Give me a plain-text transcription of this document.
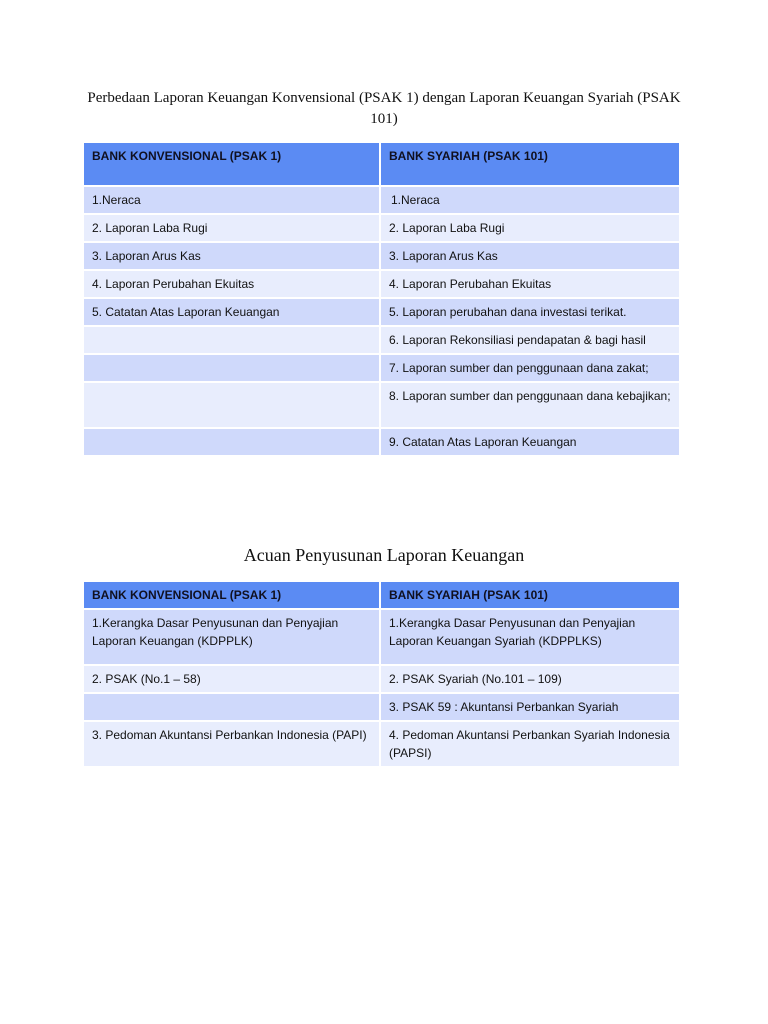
Perbedaan Laporan Keuangan Konvensional (PSAK 1) dengan Laporan Keuangan Syariah (PSAK 101)
BANK KONVENSIONAL (PSAK 1)	BANK SYARIAH (PSAK 101)
1.Neraca	1.Neraca
2. Laporan Laba Rugi	2. Laporan Laba Rugi
3. Laporan Arus Kas	3. Laporan Arus Kas
4. Laporan Perubahan Ekuitas	4. Laporan Perubahan Ekuitas
5. Catatan Atas Laporan Keuangan	5. Laporan perubahan dana investasi terikat.
	6. Laporan Rekonsiliasi pendapatan & bagi hasil
	7. Laporan sumber dan penggunaan dana zakat;
	8. Laporan sumber dan penggunaan dana kebajikan;
	9. Catatan Atas Laporan Keuangan
Acuan Penyusunan Laporan Keuangan
BANK KONVENSIONAL (PSAK 1)	BANK SYARIAH (PSAK 101)
1.Kerangka Dasar Penyusunan dan Penyajian Laporan Keuangan (KDPPLK)	1.Kerangka Dasar Penyusunan dan Penyajian Laporan Keuangan Syariah (KDPPLKS)
2. PSAK (No.1 – 58)	2. PSAK Syariah (No.101 – 109)
	3. PSAK 59 : Akuntansi Perbankan Syariah
3. Pedoman Akuntansi Perbankan Indonesia (PAPI)	4. Pedoman Akuntansi Perbankan Syariah Indonesia (PAPSI)
